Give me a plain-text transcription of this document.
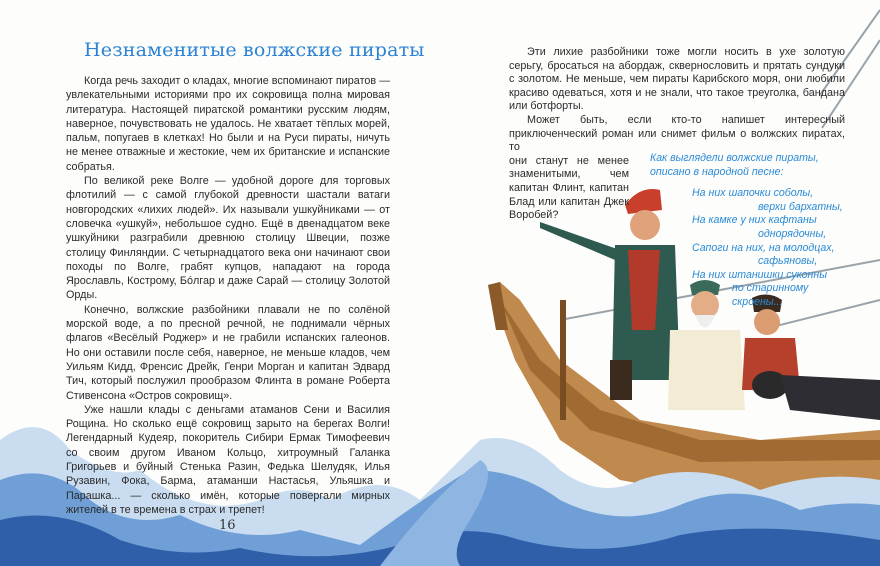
Незнаменитые волжские пираты

Когда речь заходит о кладах, многие вспоминают пиратов — увлекательными историями про их сокровища полна мировая литература. Настоящей пиратской романтики русским людям, наверное, почувствовать не удалось. Не хватает тёплых морей, пальм, попугаев в клетках! Но были и на Руси пираты, ничуть не менее отважные и жестокие, чем их британские и испанские собратья.

По великой реке Волге — удобной дороге для торговых флотилий — с самой глубокой древности шастали ватаги новгородских «лихих людей». Их называли ушкуйниками — от словечка «ушкуй», небольшое судно. Ещё в двенадцатом веке ушкуйники разграбили древнюю столицу Швеции, позже столицу Финляндии. С четырнадцатого века они начинают свои походы по Волге, грабят купцов, нападают на города Ярославль, Кострому, Бóлгар и даже Сарай — столицу Золотой Орды.

Конечно, волжские разбойники плавали не по солёной морской воде, а по пресной речной, не поднимали чёрных флагов «Весёлый Роджер» и не грабили испанских галеонов. Но они оставили после себя, наверное, не меньше кладов, чем Уильям Кидд, Френсис Дрейк, Генри Морган и капитан Эдвард Тич, который послужил прообразом Флинта в романе Роберта Стивенсона «Остров сокровищ».

Уже нашли клады с деньгами атаманов Сени и Василия Рощина. Но сколько ещё сокровищ зарыто на берегах Волги! Легендарный Кудеяр, покоритель Сибири Ермак Тимофеевич со своим другом Иваном Кольцо, хитроумный Галанка Григорьев и буйный Стенька Разин, Федька Шелудяк, Илья Рузавин, Фока, Барма, атаманши Настасья, Ульяшка и Парашка... — сколько имён, которые повергали мирных жителей в те времена в страх и трепет!

Эти лихие разбойники тоже могли носить в ухе золотую серьгу, бросаться на абордаж, сквернословить и прятать сундуки с золотом. Не меньше, чем пираты Карибского моря, они любили красиво одеваться, хотя и не знали, что такое треуголка, бандана или ботфорты.

Может быть, если кто-то напишет интересный приключенческий роман или снимет фильм о волжских пиратах, то

они станут не менее знаменитыми, чем капитан Флинт, капитан Блад или капитан Джек Воробей?

Как выглядели волжские пираты, описано в народной песне:

На них шапочки соболы,
верхи бархатны,
На камке у них кафтаны
однорядочны,
Сапоги на них, на молодцах,
сафьяновы,
На них штанишки суконны
по старинному скроены...
16
